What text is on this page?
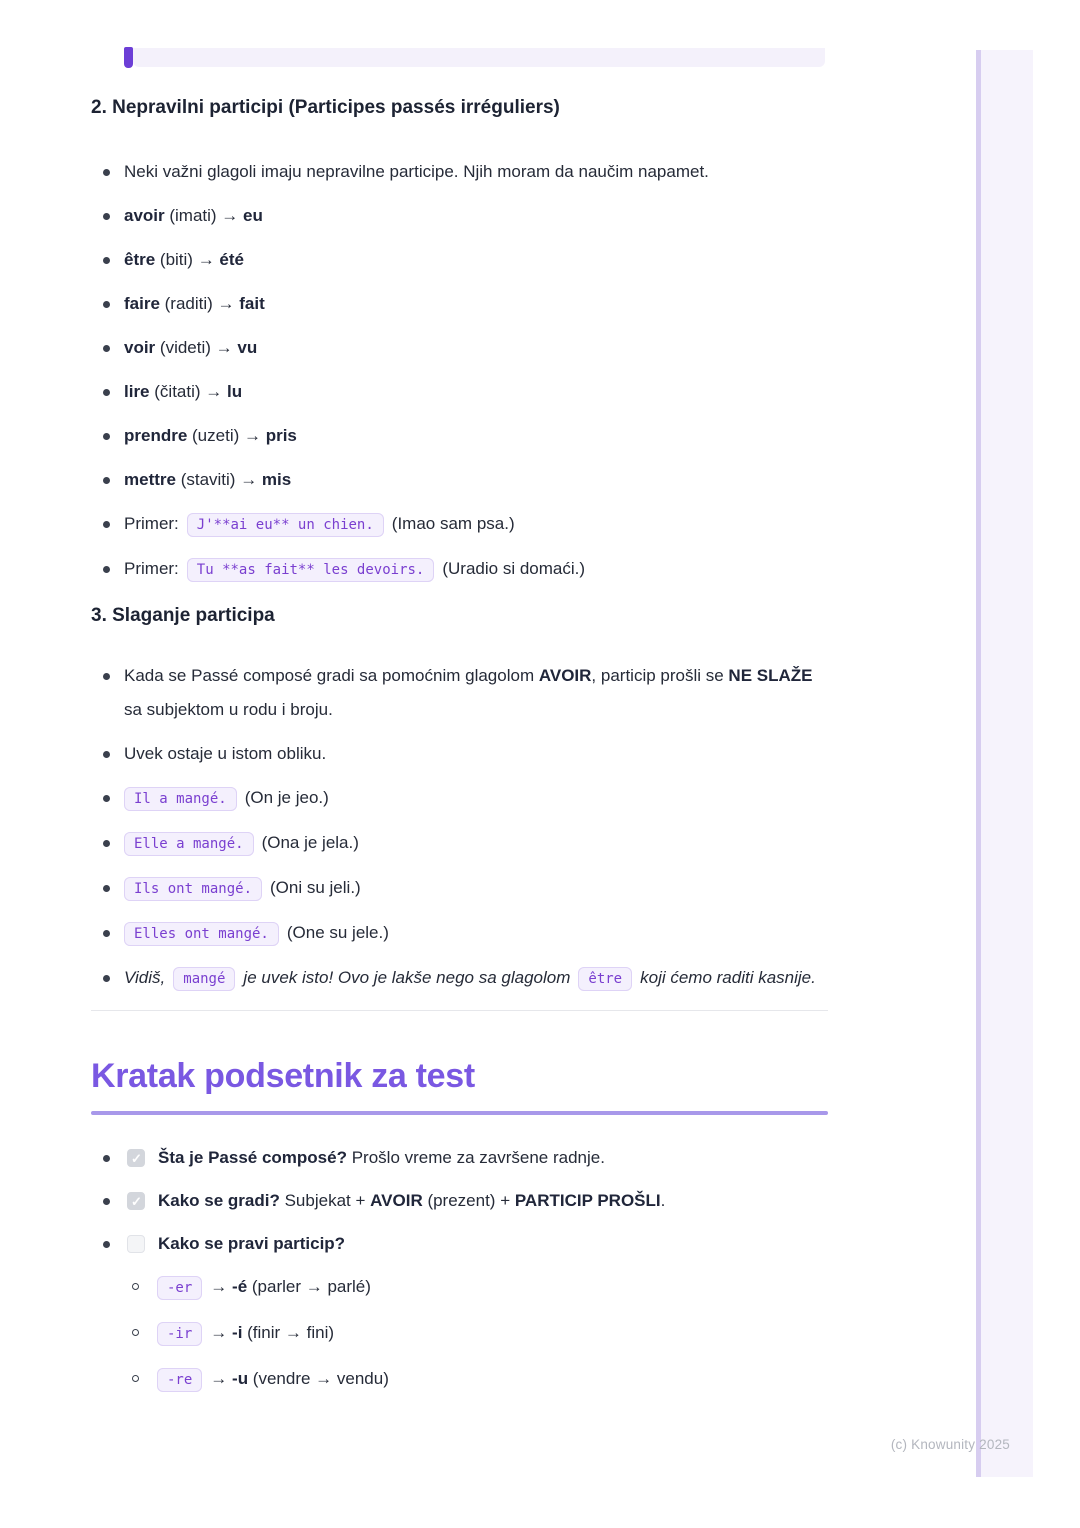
2. Nepravilni participi (Participes passés irréguliers)
Neki važni glagoli imaju nepravilne participe. Njih moram da naučim napamet.
avoir (imati) → eu
être (biti) → été
faire (raditi) → fait
voir (videti) → vu
lire (čitati) → lu
prendre (uzeti) → pris
mettre (staviti) → mis
Primer: J'**ai eu** un chien. (Imao sam psa.)
Primer: Tu **as fait** les devoirs. (Uradio si domaći.)
3. Slaganje participa
Kada se Passé composé gradi sa pomoćnim glagolom AVOIR, particip prošli se NE SLAŽE sa subjektom u rodu i broju.
Uvek ostaje u istom obliku.
Il a mangé. (On je jeo.)
Elle a mangé. (Ona je jela.)
Ils ont mangé. (Oni su jeli.)
Elles ont mangé. (One su jele.)
Vidiš, mangé je uvek isto! Ovo je lakše nego sa glagolom être koji ćemo raditi kasnije.
Kratak podsetnik za test
✓
Šta je Passé composé? Prošlo vreme za završene radnje.
✓
Kako se gradi? Subjekat + AVOIR (prezent) + PARTICIP PROŠLI.
Kako se pravi particip?
-er → -é (parler → parlé)
-ir → -i (finir → fini)
-re → -u (vendre → vendu)
(c) Knowunity 2025
